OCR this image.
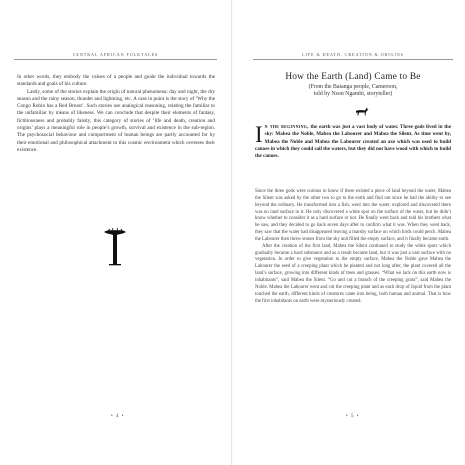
CENTRAL AFRICAN FOLKTALES

In other words, they embody the values of a people and guide the individual towards the standards and goals of his culture.

Lastly, some of the stories explain the origin of natural phenomena: day and night, the dry season and the rainy season, thunder and lightning, etc. A case in point is the story of ‘Why the Congo Robin has a Red Breast’. Such stories use analogical reasoning, relating the familiar to the unfamiliar by means of likeness. We can conclude that despite their elements of fantasy, fictitiousness and probably falsity, this category of stories of ‘life and death, creation and origins’ plays a meaningful role in people’s growth, survival and existence in the sub-region. The psychosocial behaviour and comportment of human beings are partly accounted for by their emotional and philosophical attachment to this cosmic environment which oversees their existence.

• 4 •
LIFE & DEATH, CREATION & ORIGINS
How the Earth (Land) Came to Be
(From the Batanga people, Cameroon,
told by Nson Ngambi, storyteller)
In the beginning, the earth was just a vast body of water. Three gods lived in the sky: Mabea the Noble, Mabea the Labourer and Mabea the Silent. As time went by, Mabea the Noble and Mabea the Labourer created an axe which was used to build canoes in which they could sail the waters, but they did not have wood with which to build the canoes.

Since the three gods were curious to know if there existed a piece of land beyond the water, Mabea the Silent was asked by the other two to go to the earth and find out since he had the ability to see beyond the ordinary. He transformed into a fish, went into the water, explored and discovered there was no land surface in it. He only discovered a white spot on the surface of the water, but he didn’t know whether to consider it as a hard surface or not. He finally went back and told his brothers what he saw, and they decided to go back seven days after to confirm what it was. When they went back, they saw that the water had disappeared leaving a marshy surface on which birds could perch. Mabea the Labourer then threw stones from the sky and filled the empty surface, and it finally became earth.

After the creation of the first land, Mabea the Silent continued to study the white spots which gradually became a hard substance and as a result became land, but it was just a vast surface with no vegetation. In order to give vegetation to the empty surface, Mabea the Noble gave Mabea the Labourer the seed of a creeping plant which he planted and not long after, the plant covered all the land’s surface, growing into different kinds of trees and grasses. “What we lack on this earth now is inhabitants”, said Mabea the Silent. “Go and cut a branch of the creeping grass”, said Mabea the Noble. Mabea the Labourer went and cut the creeping plant and as each drop of liquid from the plant touched the earth, different kinds of creatures came into being, both human and animal. That is how the first inhabitants on earth were mysteriously created.

• 5 •
